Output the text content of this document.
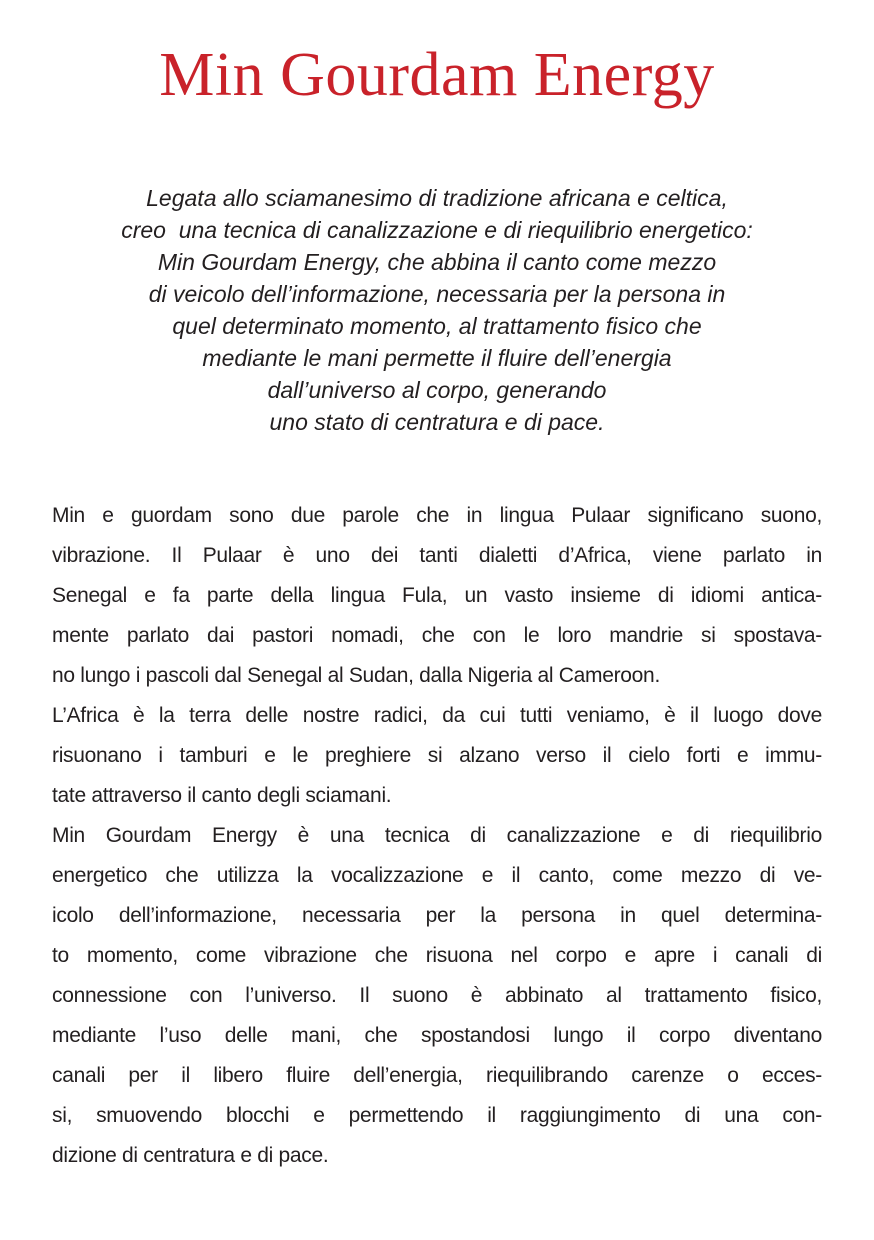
Min Gourdam Energy
Legata allo sciamanesimo di tradizione africana e celtica,
creo  una tecnica di canalizzazione e di riequilibrio energetico:
Min Gourdam Energy, che abbina il canto come mezzo
di veicolo dell’informazione, necessaria per la persona in
quel determinato momento, al trattamento fisico che
mediante le mani permette il fluire dell’energia
dall’universo al corpo, generando
uno stato di centratura e di pace.
Min e guordam sono due parole che in lingua Pulaar significano suono,
vibrazione. Il Pulaar è uno dei tanti dialetti d’Africa, viene parlato in
Senegal e fa parte della lingua Fula, un vasto insieme di idiomi antica-
mente parlato dai pastori nomadi, che con le loro mandrie si spostava-
no lungo i pascoli dal Senegal al Sudan, dalla Nigeria al Cameroon.
L’Africa è la terra delle nostre radici, da cui tutti veniamo, è il luogo dove
risuonano i tamburi e le preghiere si alzano verso il cielo forti e immu-
tate attraverso il canto degli sciamani.
Min Gourdam Energy è una tecnica di canalizzazione e di riequilibrio
energetico che utilizza la vocalizzazione e il canto, come mezzo di ve-
icolo dell’informazione, necessaria per la persona in quel determina-
to momento, come vibrazione che risuona nel corpo e apre i canali di
connessione con l’universo. Il suono è abbinato al trattamento fisico,
mediante l’uso delle mani, che spostandosi lungo il corpo diventano
canali per il libero fluire dell’energia, riequilibrando carenze o ecces-
si, smuovendo blocchi e permettendo il raggiungimento di una con-
dizione di centratura e di pace.
